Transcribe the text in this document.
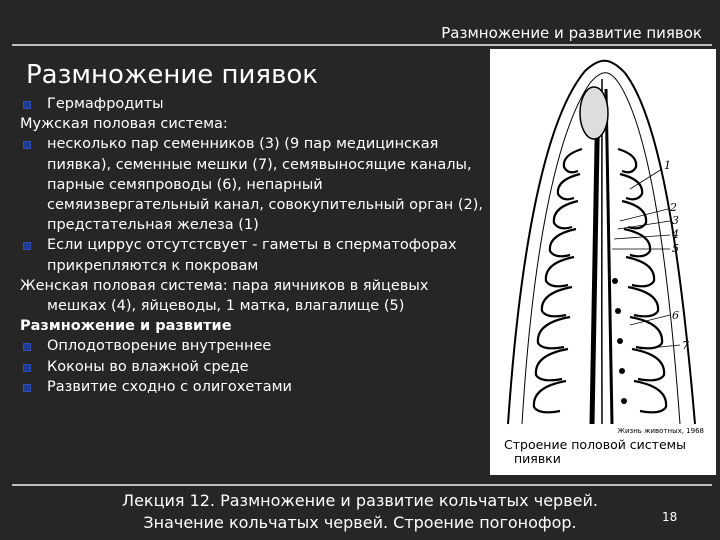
Размножение и развитие пиявок
Размножение пиявок
Гермафродиты
Мужская половая система:
несколько пар семенников (3) (9 пар медицинская
пиявка), семенные мешки (7), семявыносящие каналы,
парные семяпроводы (6), непарный
семяизвергательный канал, совокупительный орган (2),
предстательная железа (1)
Если циррус отсутстсвует - гаметы в сперматофорах
прикрепляются к покровам
Женская половая система: пара яичников в яйцевых
мешках (4), яйцеводы, 1 матка, влагалище (5)
Размножение и развитие
Оплодотворение внутреннее
Коконы во влажной среде
Развитие сходно с олигохетами
1
2
3
4
5
6
7
Жизнь животных, 1968
Строение половой системы
пиявки
Лекция 12. Размножение и развитие кольчатых червей.
Значение кольчатых червей. Строение погонофор.	18
